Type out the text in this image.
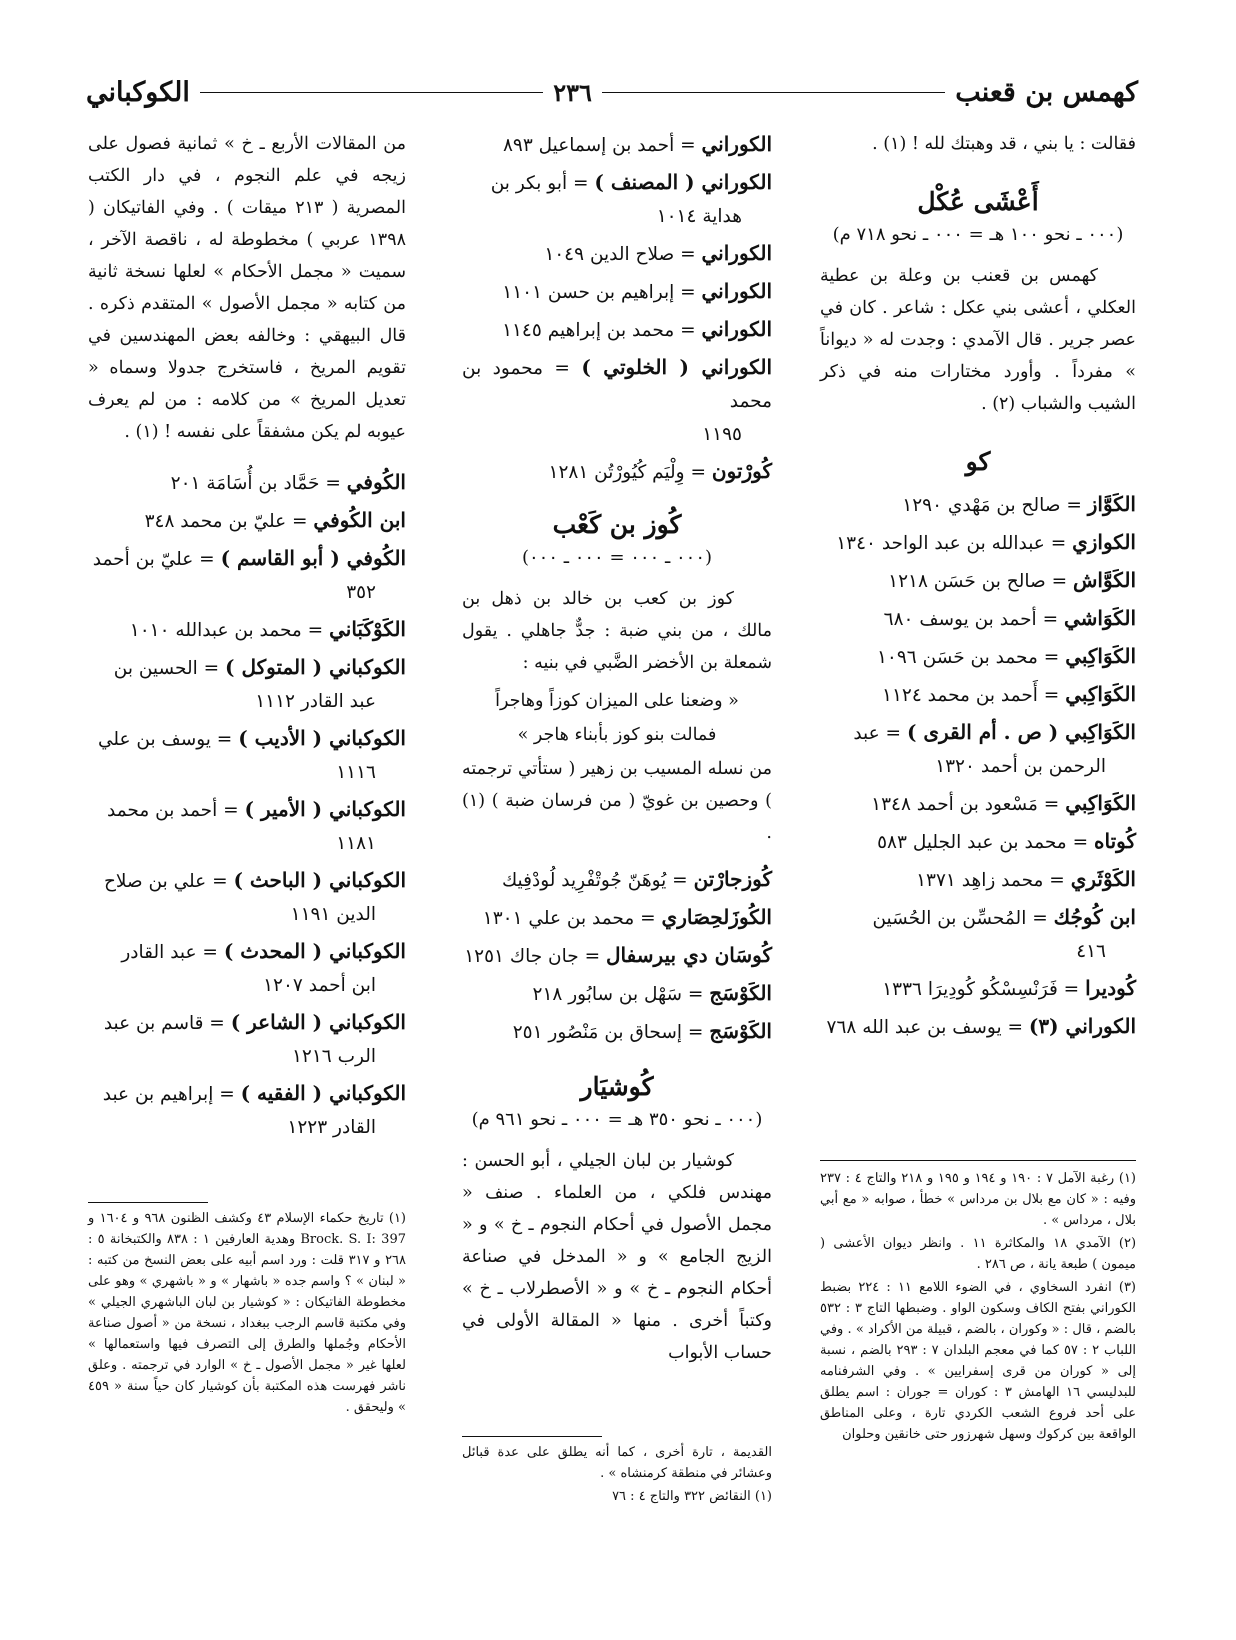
كهمس بن قعنب
٢٣٦
الكوكباني

فقالت : يا بني ، قد وهبتك لله ! (١) .

أَعْشَى عُكْل
(٠٠٠ ـ نحو ١٠٠ هـ = ٠٠٠ ـ نحو ٧١٨ م)

كهمس بن قعنب بن وعلة بن عطية العكلي ، أعشى بني عكل : شاعر . كان في عصر جرير . قال الآمدي : وجدت له « ديواناً » مفرداً . وأورد مختارات منه في ذكر الشيب والشباب (٢) .

كو
الكَوَّاز = صالح بن مَهْدي ١٢٩٠
الكوازي = عبدالله بن عبد الواحد ١٣٤٠
الكَوَّاش = صالح بن حَسَن ١٢١٨
الكَوَاشي = أحمد بن يوسف ٦٨٠
الكَوَاكِبي = محمد بن حَسَن ١٠٩٦
الكَوَاكِبي = أَحمد بن محمد ١١٢٤
الكَوَاكِبي ( ص . أم القرى ) = عبد
الرحمن بن أحمد ١٣٢٠
الكَوَاكِبي = مَسْعود بن أحمد ١٣٤٨
كُوتاه = محمد بن عبد الجليل ٥٨٣
الكَوْثَري = محمد زاهِد ١٣٧١
ابن كُوجُك = المُحسِّن بن الحُسَين
٤١٦
كُوديرا = فَرَنْسِسْكُو كُودِيرَا ١٣٣٦
الكوراني (٣) = يوسف بن عبد الله ٧٦٨

(١) رغبة الآمل ٧ : ١٩٠ و ١٩٤ و ١٩٥ و ٢١٨ والتاج ٤ : ٢٣٧ وفيه : « كان مع بلال بن مرداس » خطأ ، صوابه « مع أبي بلال ، مرداس » .

(٢) الآمدي ١٨ والمكاثرة ١١ . وانظر ديوان الأعشى ( ميمون ) طبعة يانة ، ص ٢٨٦ .

(٣) انفرد السخاوي ، في الضوء اللامع ١١ : ٢٢٤ بضبط الكوراني بفتح الكاف وسكون الواو . وضبطها التاج ٣ : ٥٣٢ بالضم ، قال : « وكوران ، بالضم ، قبيلة من الأكراد » . وفي اللباب ٢ : ٥٧ كما في معجم البلدان ٧ : ٢٩٣ بالضم ، نسبة إلى « كوران من قرى إسفرايين » . وفي الشرفنامه للبدليسي ١٦ الهامش ٣ : كوران = جوران : اسم يطلق على أحد فروع الشعب الكردي تارة ، وعلى المناطق الواقعة بين كركوك وسهل شهرزور حتى خانقين وحلوان

الكوراني = أحمد بن إسماعيل ٨٩٣
الكوراني ( المصنف ) = أبو بكر بن
هداية ١٠١٤
الكوراني = صلاح الدين ١٠٤٩
الكوراني = إبراهيم بن حسن ١١٠١
الكوراني = محمد بن إبراهيم ١١٤٥
الكوراني ( الخلوتي ) = محمود بن محمد
١١٩٥
كُورْتون = وِلْيَم كُيُورْتُن ١٢٨١
كُوز بن كَعْب
(٠٠٠ ـ ٠٠٠ = ٠٠٠ ـ ٠٠٠)

كوز بن كعب بن خالد بن ذهل بن مالك ، من بني ضبة : جدٌّ جاهلي . يقول شمعلة بن الأخضر الضَّبي في بنيه :

« وضعنا على الميزان كوزاً وهاجراً

فمالت بنو كوز بأبناء هاجر »

من نسله المسيب بن زهير ( ستأتي ترجمته ) وحصين بن غويّ ( من فرسان ضبة ) (١) .

كُوزجارْتن = يُوهَنّ جُوتْفْرِيد لُودْفِيك
الكُوزَلحِصَاري = محمد بن علي ١٣٠١
كُوسَان دي بيرسفال = جان جاك ١٢٥١
الكَوْسَج = سَهْل بن سابُور ٢١٨
الكَوْسَج = إسحاق بن مَنْصُور ٢٥١
كُوشيَار
(٠٠٠ ـ نحو ٣٥٠ هـ = ٠٠٠ ـ نحو ٩٦١ م)

كوشيار بن لبان الجيلي ، أبو الحسن : مهندس فلكي ، من العلماء . صنف « مجمل الأصول في أحكام النجوم ـ خ » و « الزيج الجامع » و « المدخل في صناعة أحكام النجوم ـ خ » و « الأصطرلاب ـ خ » وكتباً أخرى . منها « المقالة الأولى في حساب الأبواب

القديمة ، تارة أخرى ، كما أنه يطلق على عدة قبائل وعشائر في منطقة كرمنشاه » .

(١) النقائض ٣٢٢ والتاج ٤ : ٧٦

من المقالات الأربع ـ خ » ثمانية فصول على زيجه في علم النجوم ، في دار الكتب المصرية ( ٢١٣ ميقات ) . وفي الفاتيكان ( ١٣٩٨ عربي ) مخطوطة له ، ناقصة الآخر ، سميت « مجمل الأحكام » لعلها نسخة ثانية من كتابه « مجمل الأصول » المتقدم ذكره . قال البيهقي : وخالفه بعض المهندسين في تقويم المريخ ، فاستخرج جدولا وسماه « تعديل المريخ » من كلامه : من لم يعرف عيوبه لم يكن مشفقاً على نفسه ! (١) .

الكُوفي = حَمَّاد بن أُسَامَة ٢٠١
ابن الكُوفي = عليّ بن محمد ٣٤٨
الكُوفي ( أبو القاسم ) = عليّ بن أحمد
٣٥٢
الكَوْكَبَاني = محمد بن عبدالله ١٠١٠
الكوكباني ( المتوكل ) = الحسين بن
عبد القادر ١١١٢
الكوكباني ( الأديب ) = يوسف بن علي
١١١٦
الكوكباني ( الأمير ) = أحمد بن محمد
١١٨١
الكوكباني ( الباحث ) = علي بن صلاح
الدين ١١٩١
الكوكباني ( المحدث ) = عبد القادر
ابن أحمد ١٢٠٧
الكوكباني ( الشاعر ) = قاسم بن عبد
الرب ١٢١٦
الكوكباني ( الفقيه ) = إبراهيم بن عبد
القادر ١٢٢٣

(١) تاريخ حكماء الإسلام ٤٣ وكشف الظنون ٩٦٨ و ١٦٠٤ و Brock. S. I: 397 وهدية العارفين ١ : ٨٣٨ والكتبخانة ٥ : ٢٦٨ و ٣١٧ قلت : ورد اسم أبيه على بعض النسخ من كتبه : « لبنان » ؟ واسم جده « باشهار » و « باشهري » وهو على مخطوطة الفاتيكان : « كوشيار بن لبان الباشهري الجيلي » وفي مكتبة قاسم الرجب ببغداد ، نسخة من « أصول صناعة الأحكام وجُملها والطرق إلى التصرف فيها واستعمالها » لعلها غير « مجمل الأصول ـ خ » الوارد في ترجمته . وعلق ناشر فهرست هذه المكتبة بأن كوشيار كان حياً سنة « ٤٥٩ » وليحقق .
